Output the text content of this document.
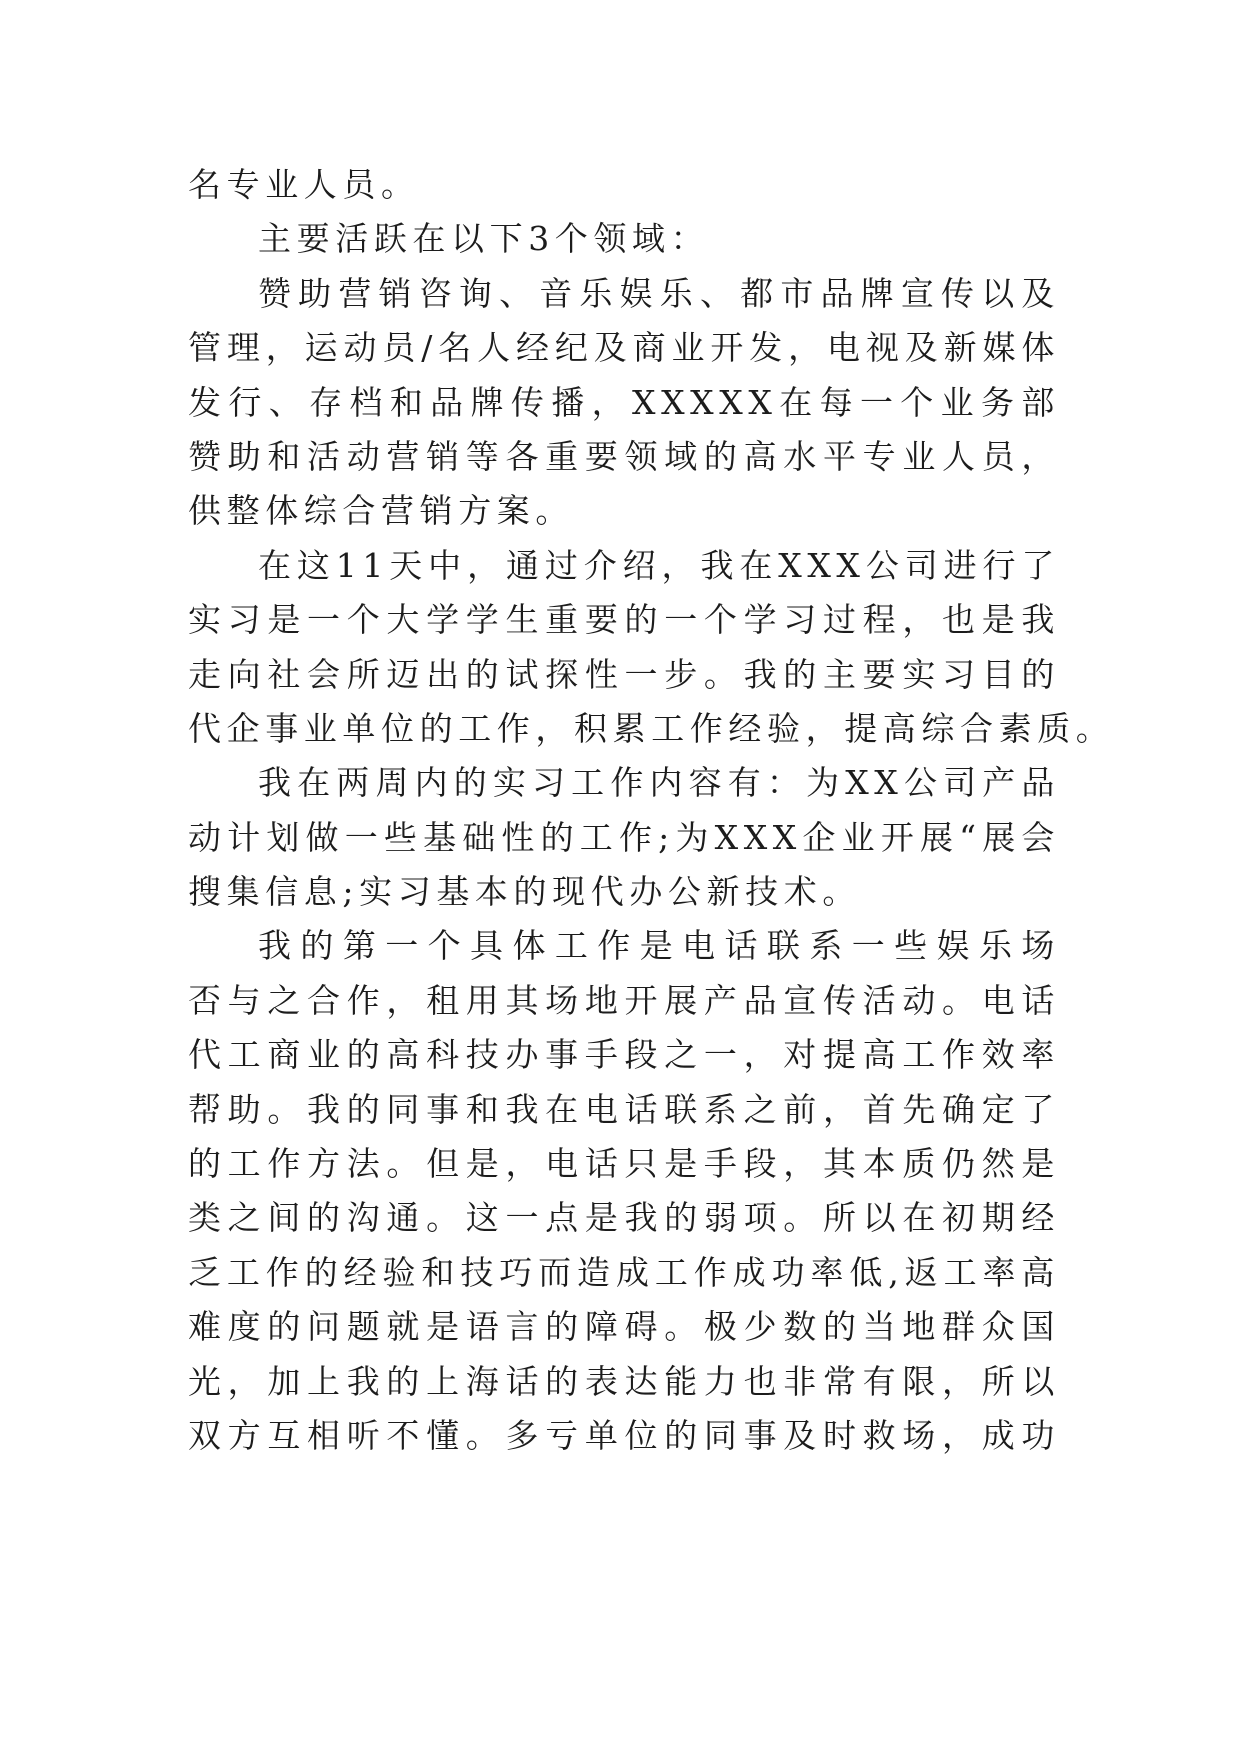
名专业人员。
主要活跃在以下3个领域：
赞助营销咨询、音乐娱乐、都市品牌宣传以及
管理，运动员/名人经纪及商业开发，电视及新媒体
发行、存档和品牌传播，XXXXX在每一个业务部
赞助和活动营销等各重要领域的高水平专业人员，
供整体综合营销方案。
在这11天中，通过介绍，我在XXX公司进行了
实习是一个大学学生重要的一个学习过程，也是我
走向社会所迈出的试探性一步。我的主要实习目的
代企事业单位的工作，积累工作经验，提高综合素质。
我在两周内的实习工作内容有：为XX公司产品
动计划做一些基础性的工作;为XXX企业开展“展会
搜集信息;实习基本的现代办公新技术。
我的第一个具体工作是电话联系一些娱乐场
否与之合作，租用其场地开展产品宣传活动。电话
代工商业的高科技办事手段之一，对提高工作效率
帮助。我的同事和我在电话联系之前，首先确定了
的工作方法。但是，电话只是手段，其本质仍然是
类之间的沟通。这一点是我的弱项。所以在初期经
乏工作的经验和技巧而造成工作成功率低,返工率高
难度的问题就是语言的障碍。极少数的当地群众国
光，加上我的上海话的表达能力也非常有限，所以
双方互相听不懂。多亏单位的同事及时救场，成功
